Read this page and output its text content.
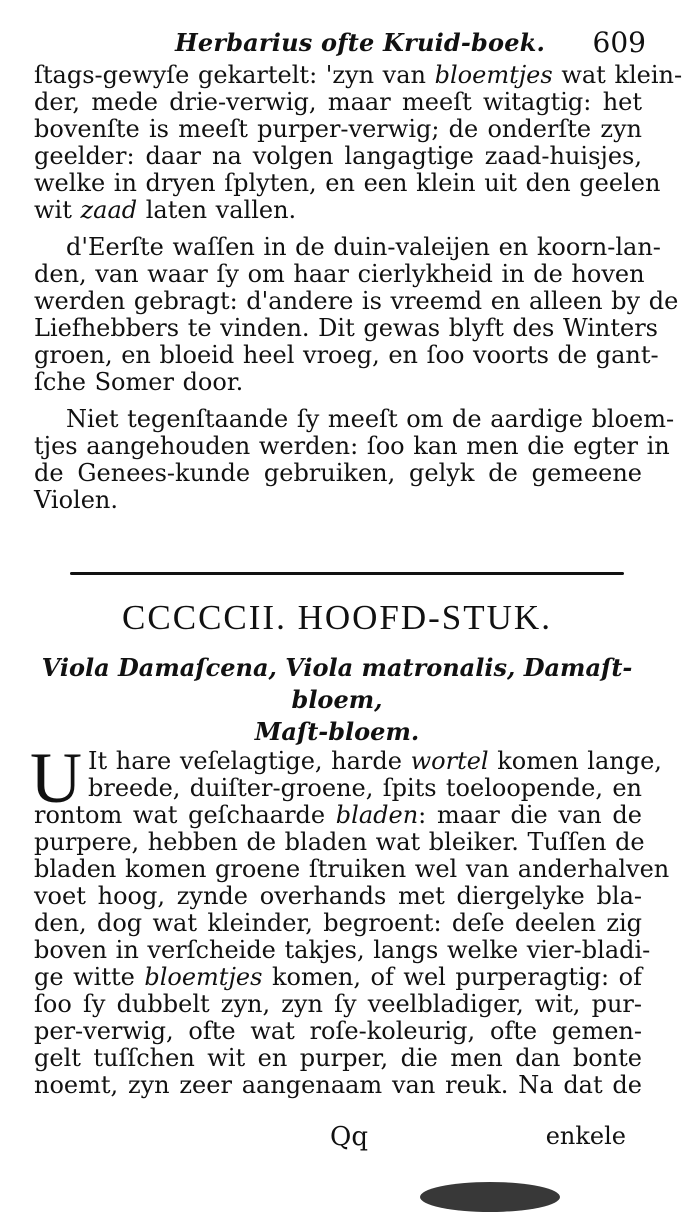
Herbarius ofte Kruid-boek. 609
ſtags-gewyſe gekartelt: 'zyn van bloemtjes wat klein-
der, mede drie-verwig, maar meeſt witagtig: het
bovenſte is meeſt purper-verwig; de onderſte zyn
geelder: daar na volgen langagtige zaad-huisjes,
welke in dryen ſplyten, en een klein uit den geelen
wit zaad laten vallen.
d'Eerſte waſſen in de duin-valeijen en koorn-lan-
den, van waar ſy om haar cierlykheid in de hoven
werden gebragt: d'andere is vreemd en alleen by de
Liefhebbers te vinden. Dit gewas blyft des Winters
groen, en bloeid heel vroeg, en ſoo voorts de gant-
ſche Somer door.
Niet tegenſtaande ſy meeſt om de aardige bloem-
tjes aangehouden werden: ſoo kan men die egter in
de Genees-kunde gebruiken, gelyk de gemeene
Violen.
CCCCCII. HOOFD-STUK.
Viola Damaſcena, Viola matronalis, Damaſt-bloem,
Maſt-bloem.
U It hare veſelagtige, harde wortel komen lange,
breede, duiſter-groene, ſpits toeloopende, en
rontom wat geſchaarde bladen: maar die van de
purpere, hebben de bladen wat bleiker. Tuſſen de
bladen komen groene ſtruiken wel van anderhalven
voet hoog, zynde overhands met diergelyke bla-
den, dog wat kleinder, begroent: deſe deelen zig
boven in verſcheide takjes, langs welke vier-bladi-
ge witte bloemtjes komen, of wel purperagtig: of
ſoo ſy dubbelt zyn, zyn ſy veelbladiger, wit, pur-
per-verwig, ofte wat roſe-koleurig, ofte gemen-
gelt tuſſchen wit en purper, die men dan bonte
noemt, zyn zeer aangenaam van reuk. Na dat de
Qq	enkele
